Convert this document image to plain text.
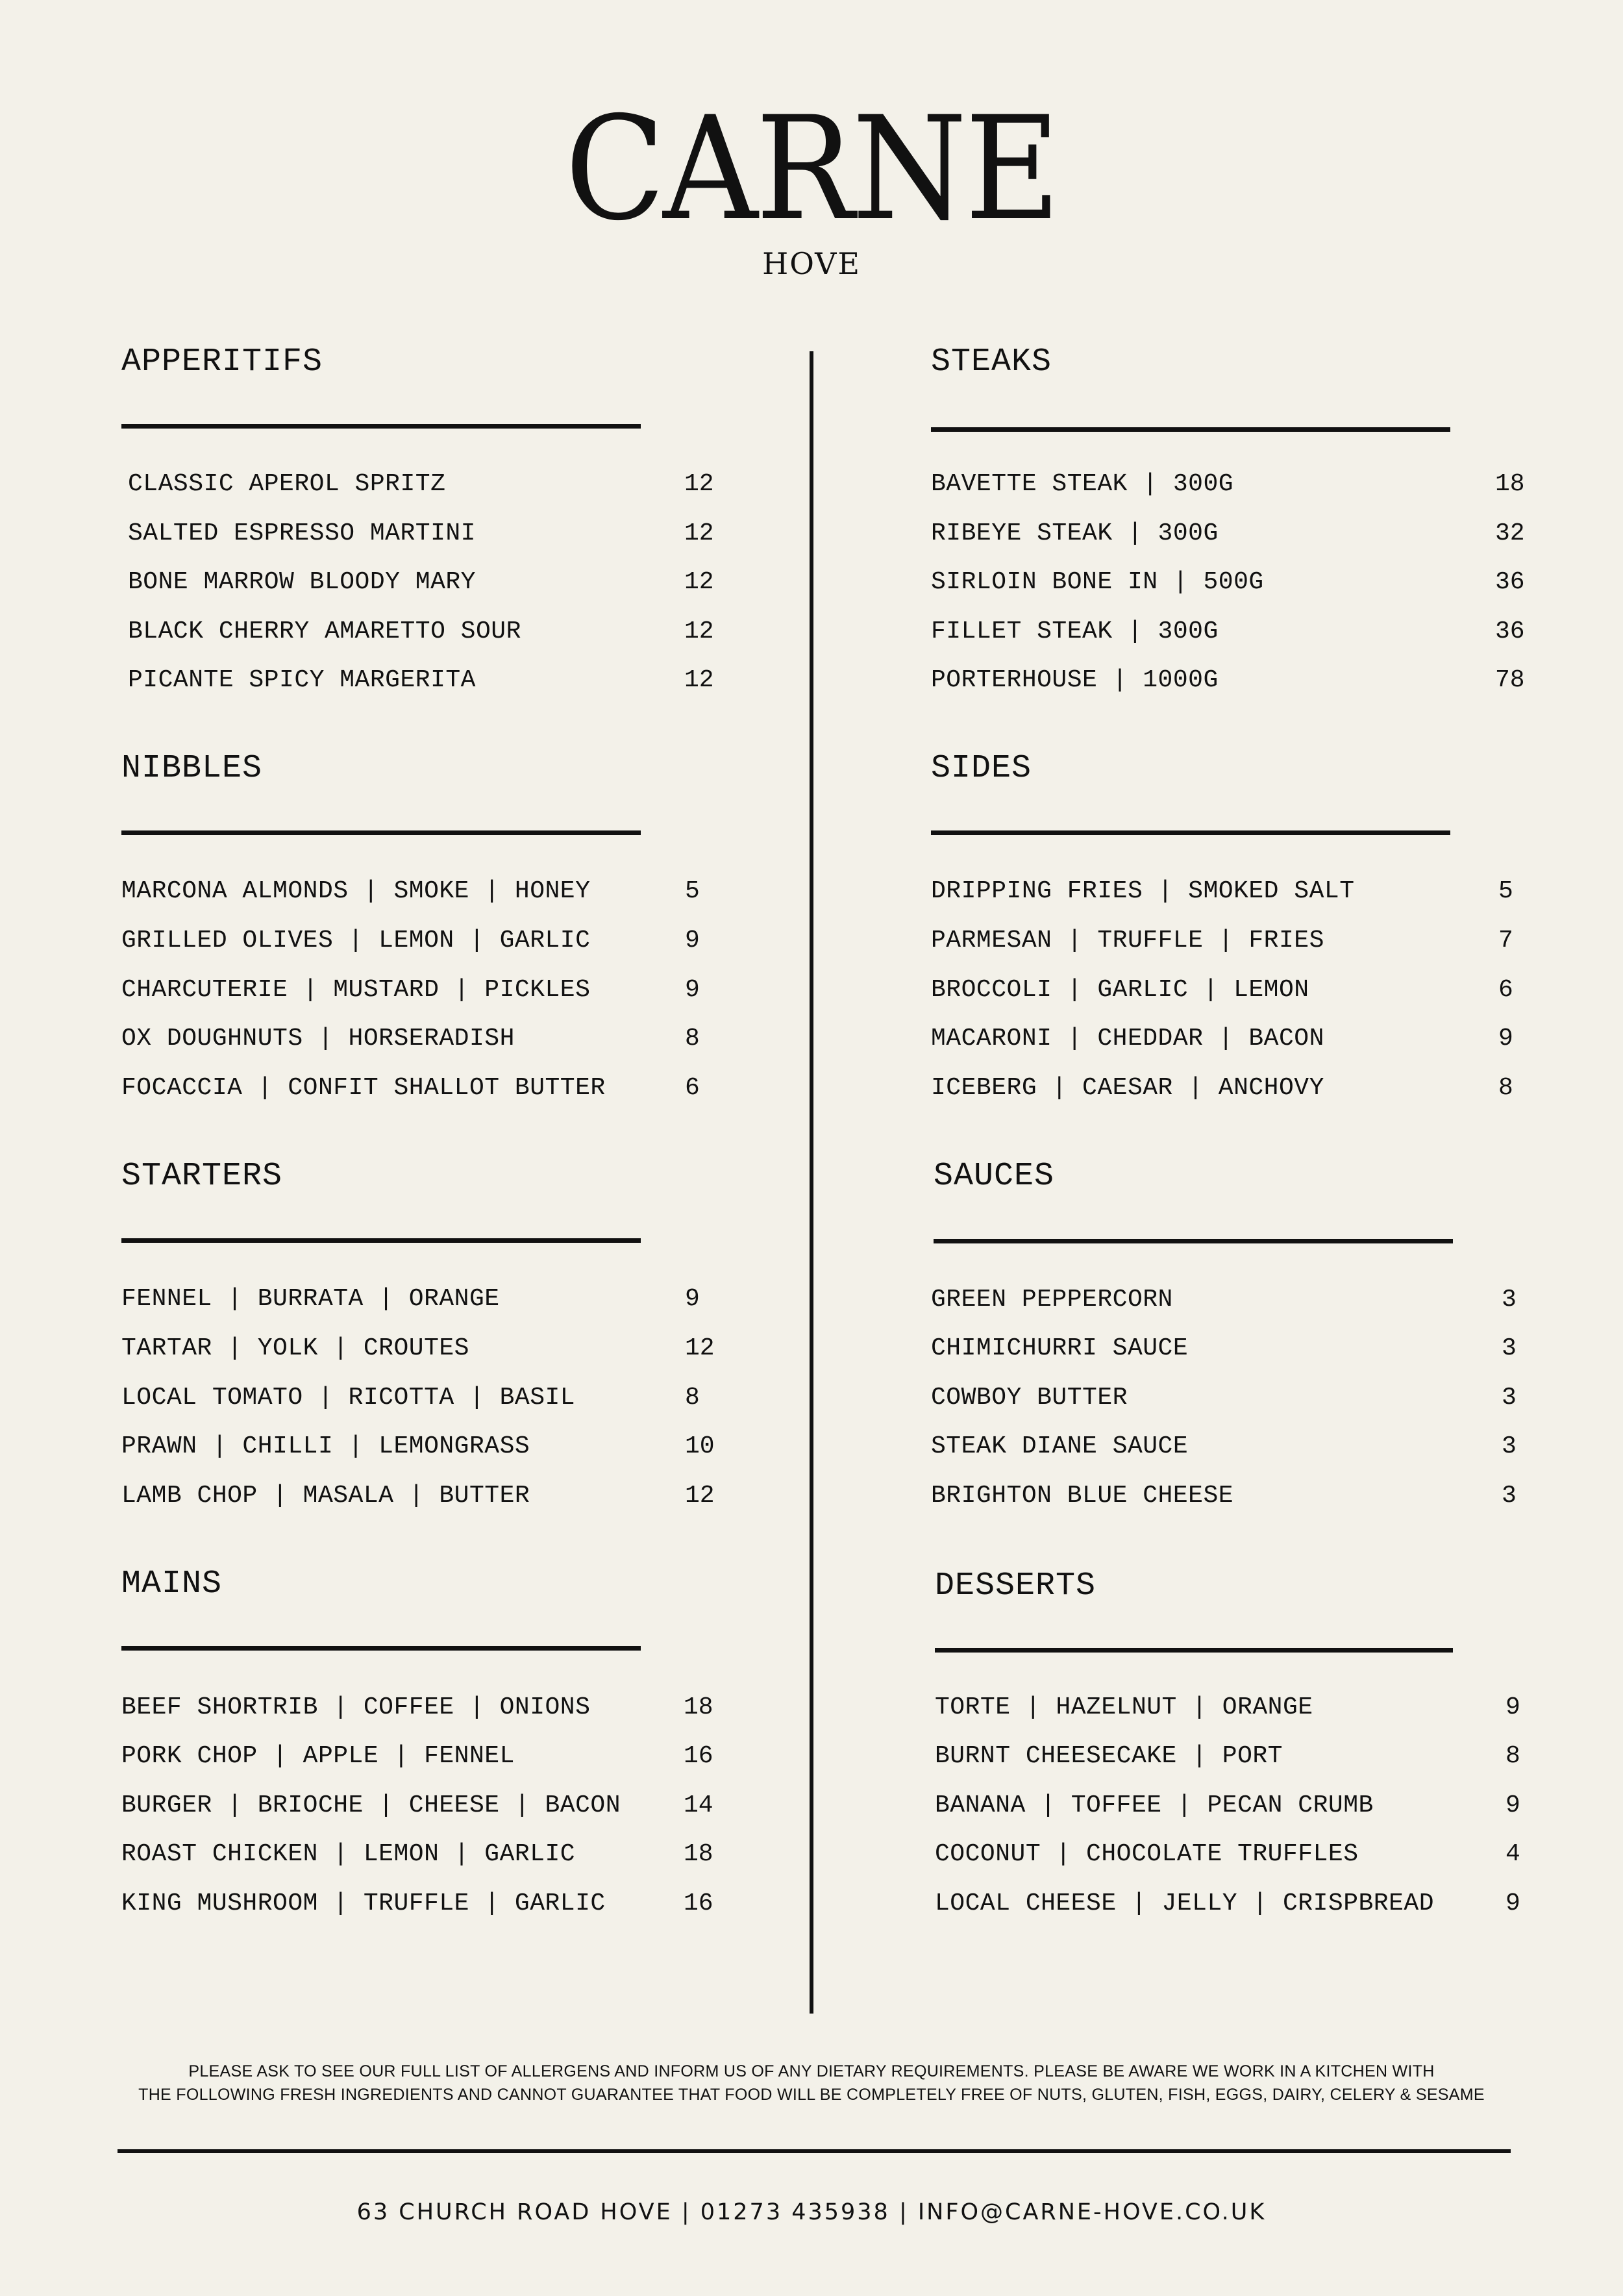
CARNE
HOVE
APPERITIFS
CLASSIC APEROL SPRITZ	12
SALTED ESPRESSO MARTINI	12
BONE MARROW BLOODY MARY	12
BLACK CHERRY AMARETTO SOUR	12
PICANTE SPICY MARGERITA	12
NIBBLES
MARCONA ALMONDS | SMOKE | HONEY	5
GRILLED OLIVES | LEMON | GARLIC	9
CHARCUTERIE | MUSTARD | PICKLES	9
OX DOUGHNUTS | HORSERADISH	8
FOCACCIA | CONFIT SHALLOT BUTTER	6
STARTERS
FENNEL | BURRATA | ORANGE	9
TARTAR | YOLK | CROUTES	12
LOCAL TOMATO | RICOTTA | BASIL	8
PRAWN | CHILLI | LEMONGRASS	10
LAMB CHOP | MASALA | BUTTER	12
MAINS
BEEF SHORTRIB | COFFEE | ONIONS	18
PORK CHOP | APPLE | FENNEL	16
BURGER | BRIOCHE | CHEESE | BACON	14
ROAST CHICKEN | LEMON | GARLIC	18
KING MUSHROOM | TRUFFLE | GARLIC	16
STEAKS
BAVETTE STEAK | 300G	18
RIBEYE STEAK | 300G	32
SIRLOIN BONE IN | 500G	36
FILLET STEAK | 300G	36
PORTERHOUSE | 1000G	78
SIDES
DRIPPING FRIES | SMOKED SALT	5
PARMESAN | TRUFFLE | FRIES	7
BROCCOLI | GARLIC | LEMON	6
MACARONI | CHEDDAR | BACON	9
ICEBERG | CAESAR | ANCHOVY	8
SAUCES
GREEN PEPPERCORN	3
CHIMICHURRI SAUCE	3
COWBOY BUTTER	3
STEAK DIANE SAUCE	3
BRIGHTON BLUE CHEESE	3
DESSERTS
TORTE | HAZELNUT | ORANGE	9
BURNT CHEESECAKE | PORT	8
BANANA | TOFFEE | PECAN CRUMB	9
COCONUT | CHOCOLATE TRUFFLES	4
LOCAL CHEESE | JELLY | CRISPBREAD	9
PLEASE ASK TO SEE OUR FULL LIST OF ALLERGENS AND INFORM US OF ANY DIETARY REQUIREMENTS. PLEASE BE AWARE WE WORK IN A KITCHEN WITH
THE FOLLOWING FRESH INGREDIENTS AND CANNOT GUARANTEE THAT FOOD WILL BE COMPLETELY FREE OF NUTS, GLUTEN, FISH, EGGS, DAIRY, CELERY & SESAME
63 CHURCH ROAD HOVE | 01273 435938 | INFO@CARNE-HOVE.CO.UK
